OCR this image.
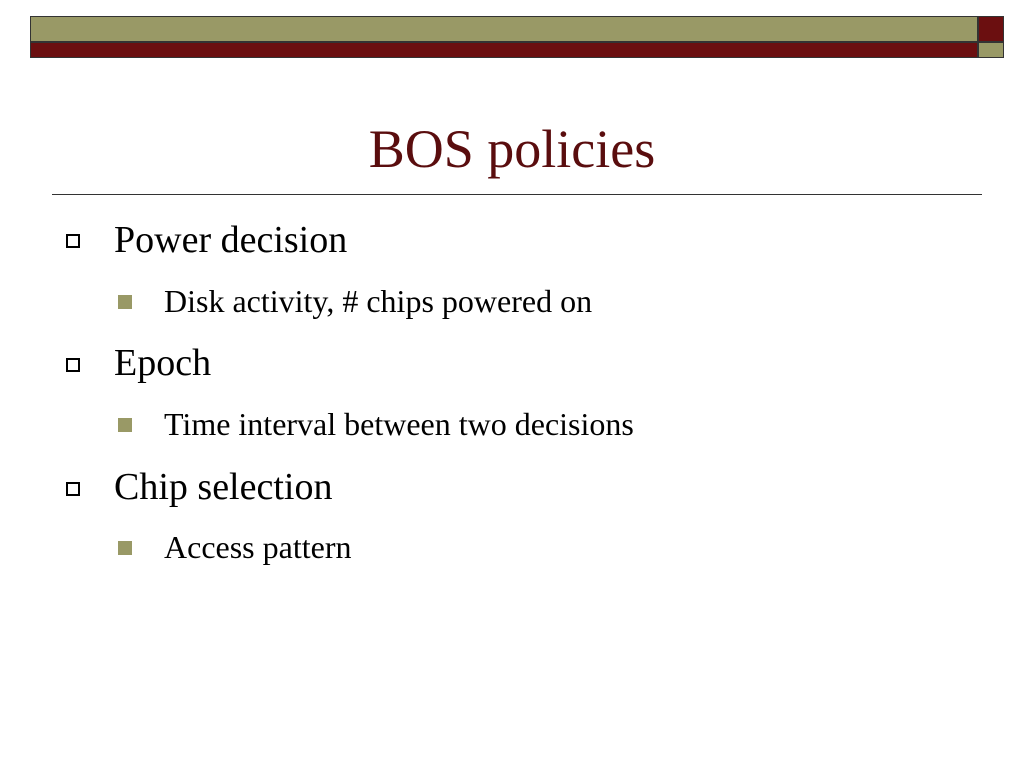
BOS policies
Power decision
Disk activity, # chips powered on
Epoch
Time interval between two decisions
Chip selection
Access pattern
